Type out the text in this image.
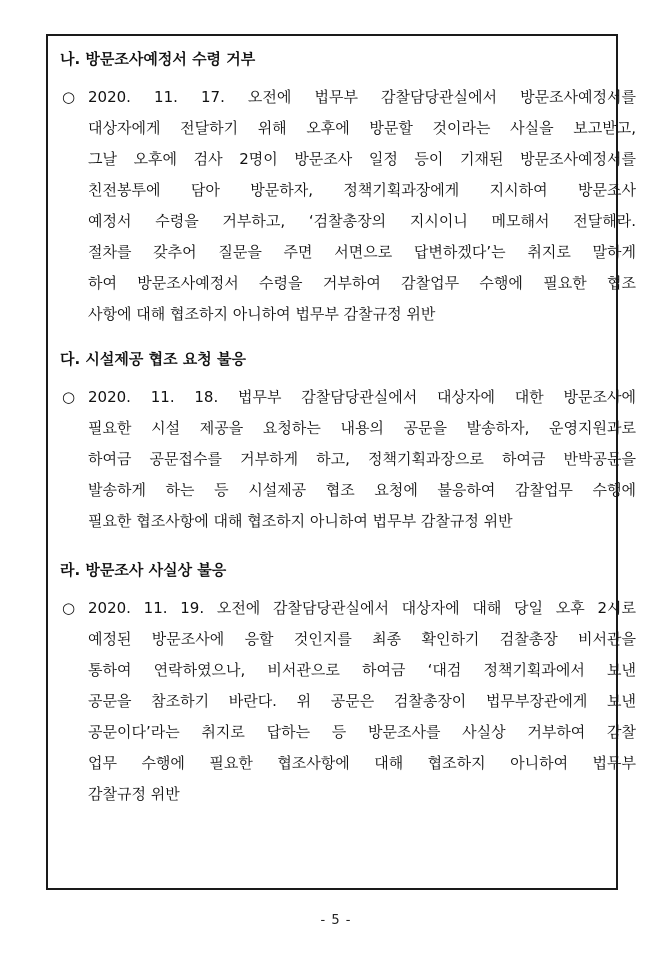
나. 방문조사예정서 수령 거부
○ 2020. 11. 17. 오전에 법무부 감찰담당관실에서 방문조사예정서를
대상자에게 전달하기 위해 오후에 방문할 것이라는 사실을 보고받고,
그날 오후에 검사 2명이 방문조사 일정 등이 기재된 방문조사예정서를
친전봉투에 담아 방문하자, 정책기획과장에게 지시하여 방문조사
예정서 수령을 거부하고, ‘검찰총장의 지시이니 메모해서 전달해라.
절차를 갖추어 질문을 주면 서면으로 답변하겠다’는 취지로 말하게
하여 방문조사예정서 수령을 거부하여 감찰업무 수행에 필요한 협조
사항에 대해 협조하지 아니하여 법무부 감찰규정 위반
다. 시설제공 협조 요청 불응
○ 2020. 11. 18. 법무부 감찰담당관실에서 대상자에 대한 방문조사에
필요한 시설 제공을 요청하는 내용의 공문을 발송하자, 운영지원과로
하여금 공문접수를 거부하게 하고, 정책기획과장으로 하여금 반박공문을
발송하게 하는 등 시설제공 협조 요청에 불응하여 감찰업무 수행에
필요한 협조사항에 대해 협조하지 아니하여 법무부 감찰규정 위반
라. 방문조사 사실상 불응
○ 2020. 11. 19. 오전에 감찰담당관실에서 대상자에 대해 당일 오후 2시로
예정된 방문조사에 응할 것인지를 최종 확인하기 검찰총장 비서관을
통하여 연락하였으나, 비서관으로 하여금 ‘대검 정책기획과에서 보낸
공문을 참조하기 바란다. 위 공문은 검찰총장이 법무부장관에게 보낸
공문이다’라는 취지로 답하는 등 방문조사를 사실상 거부하여 감찰
업무 수행에 필요한 협조사항에 대해 협조하지 아니하여 법무부
감찰규정 위반
- 5 -
